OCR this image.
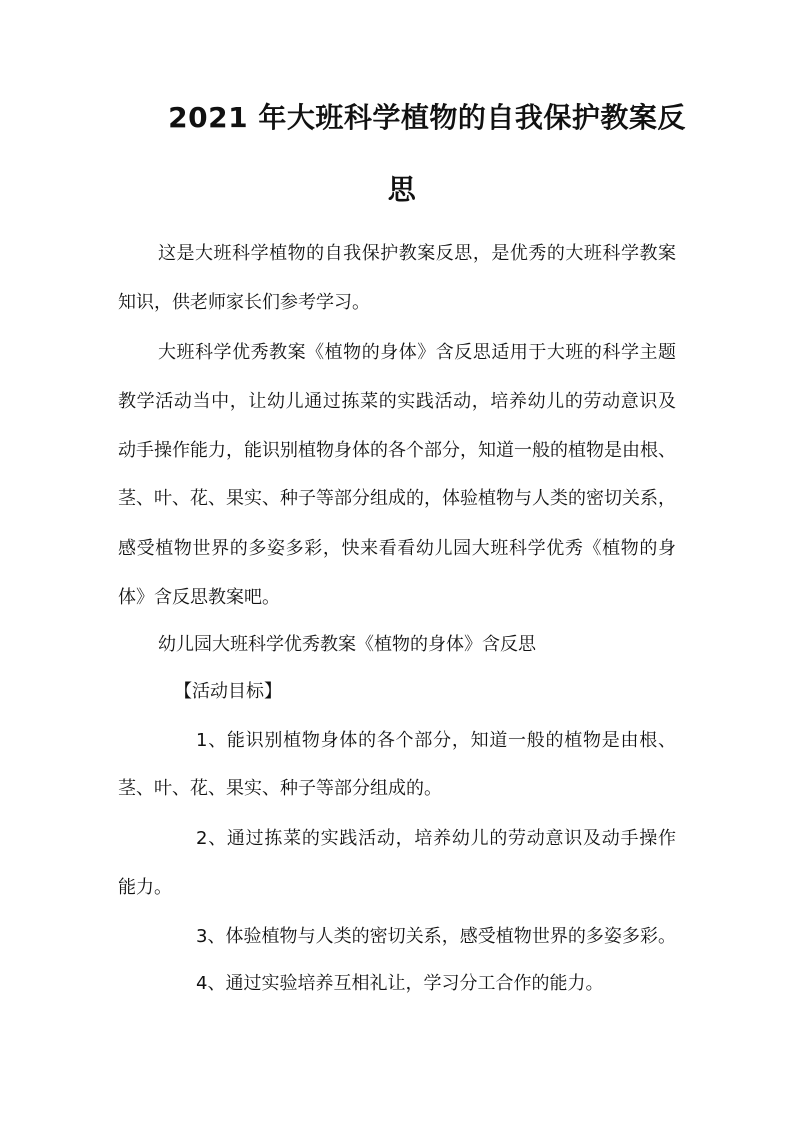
2021 年大班科学植物的自我保护教案反
思
这是大班科学植物的自我保护教案反思，是优秀的大班科学教案
知识，供老师家长们参考学习。
大班科学优秀教案《植物的身体》含反思适用于大班的科学主题
教学活动当中，让幼儿通过拣菜的实践活动，培养幼儿的劳动意识及
动手操作能力，能识别植物身体的各个部分，知道一般的植物是由根、
茎、叶、花、果实、种子等部分组成的，体验植物与人类的密切关系，
感受植物世界的多姿多彩，快来看看幼儿园大班科学优秀《植物的身
体》含反思教案吧。
幼儿园大班科学优秀教案《植物的身体》含反思
【活动目标】
1、能识别植物身体的各个部分，知道一般的植物是由根、
茎、叶、花、果实、种子等部分组成的。
2、通过拣菜的实践活动，培养幼儿的劳动意识及动手操作
能力。
3、体验植物与人类的密切关系，感受植物世界的多姿多彩。
4、通过实验培养互相礼让，学习分工合作的能力。
